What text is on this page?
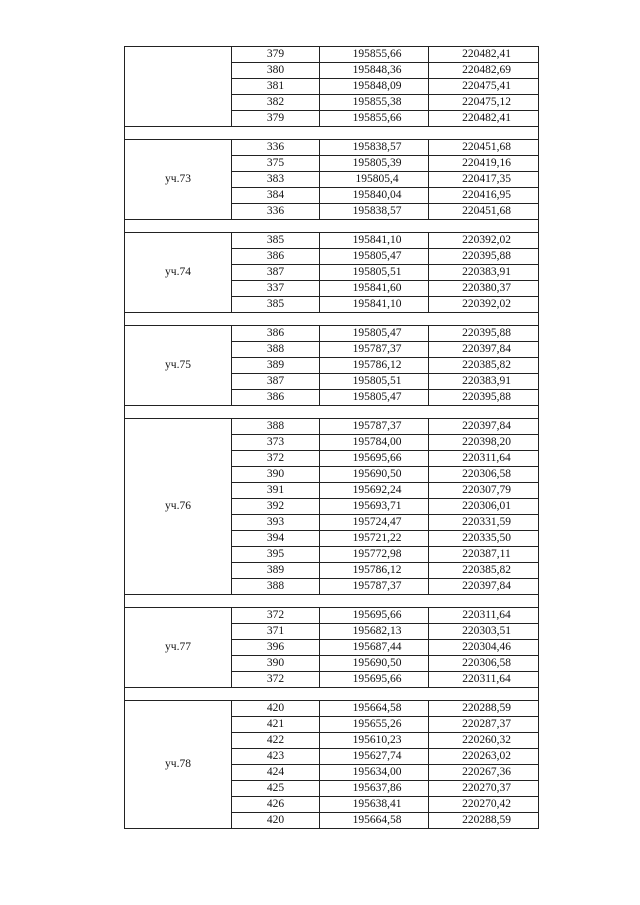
	379	195855,66	220482,41
	380	195848,36	220482,69
	381	195848,09	220475,41
	382	195855,38	220475,12
	379	195855,66	220482,41

уч.73	336	195838,57	220451,68
	375	195805,39	220419,16
	383	195805,4	220417,35
	384	195840,04	220416,95
	336	195838,57	220451,68

уч.74	385	195841,10	220392,02
	386	195805,47	220395,88
	387	195805,51	220383,91
	337	195841,60	220380,37
	385	195841,10	220392,02

уч.75	386	195805,47	220395,88
	388	195787,37	220397,84
	389	195786,12	220385,82
	387	195805,51	220383,91
	386	195805,47	220395,88

уч.76	388	195787,37	220397,84
	373	195784,00	220398,20
	372	195695,66	220311,64
	390	195690,50	220306,58
	391	195692,24	220307,79
	392	195693,71	220306,01
	393	195724,47	220331,59
	394	195721,22	220335,50
	395	195772,98	220387,11
	389	195786,12	220385,82
	388	195787,37	220397,84

уч.77	372	195695,66	220311,64
	371	195682,13	220303,51
	396	195687,44	220304,46
	390	195690,50	220306,58
	372	195695,66	220311,64

уч.78	420	195664,58	220288,59
	421	195655,26	220287,37
	422	195610,23	220260,32
	423	195627,74	220263,02
	424	195634,00	220267,36
	425	195637,86	220270,37
	426	195638,41	220270,42
	420	195664,58	220288,59
